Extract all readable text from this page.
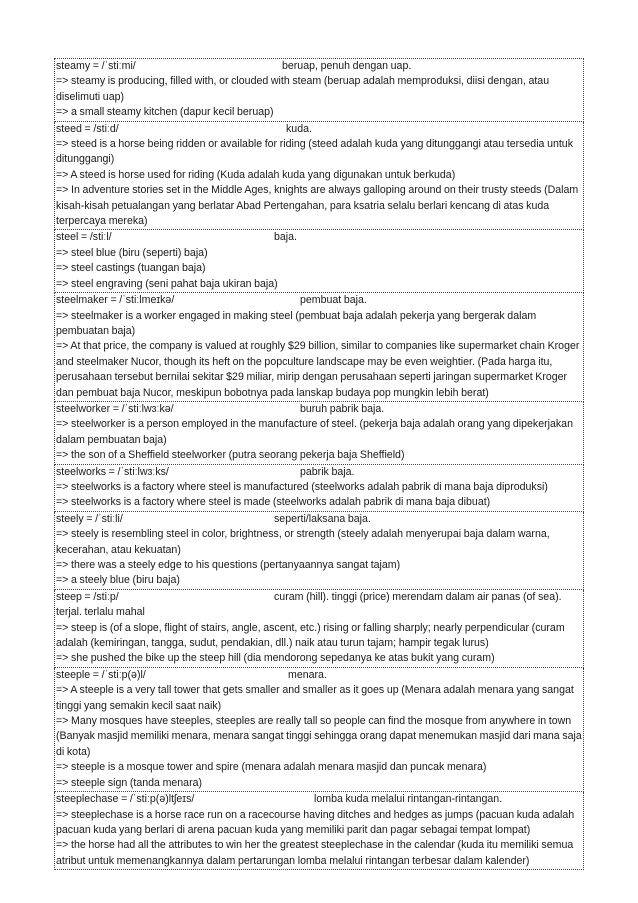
steamy = /ˈstiːmi/	beruap, penuh dengan uap.
=> steamy is producing, filled with, or clouded with steam (beruap adalah memproduksi, diisi dengan, atau diselimuti uap)
=> a small steamy kitchen (dapur kecil beruap)
steed = /stiːd/	kuda.
=> steed is a horse being ridden or available for riding (steed adalah kuda yang ditunggangi atau tersedia untuk ditunggangi)
=> A steed is horse used for riding (Kuda adalah kuda yang digunakan untuk berkuda)
=> In adventure stories set in the Middle Ages, knights are always galloping around on their trusty steeds (Dalam kisah-kisah petualangan yang berlatar Abad Pertengahan, para ksatria selalu berlari kencang di atas kuda terpercaya mereka)
steel = /stiːl/	baja.
=> steel blue (biru (seperti) baja)
=> steel castings (tuangan baja)
=> steel engraving (seni pahat baja ukiran baja)
steelmaker = /ˈstiːlmeɪkə/	pembuat baja.
=> steelmaker is a worker engaged in making steel (pembuat baja adalah pekerja yang bergerak dalam pembuatan baja)
=> At that price, the company is valued at roughly $29 billion, similar to companies like supermarket chain Kroger and steelmaker Nucor, though its heft on the popculture landscape may be even weightier. (Pada harga itu, perusahaan tersebut bernilai sekitar $29 miliar, mirip dengan perusahaan seperti jaringan supermarket Kroger dan pembuat baja Nucor, meskipun bobotnya pada lanskap budaya pop mungkin lebih berat)
steelworker = /ˈstiːlwɜːkə/	buruh pabrik baja.
=> steelworker is a person employed in the manufacture of steel. (pekerja baja adalah orang yang dipekerjakan dalam pembuatan baja)
=> the son of a Sheffield steelworker (putra seorang pekerja baja Sheffield)
steelworks = /ˈstiːlwɜːks/	pabrik baja.
=> steelworks is a factory where steel is manufactured (steelworks adalah pabrik di mana baja diproduksi)
=> steelworks is a factory where steel is made (steelworks adalah pabrik di mana baja dibuat)
steely = /ˈstiːli/	seperti/laksana baja.
=> steely is resembling steel in color, brightness, or strength (steely adalah menyerupai baja dalam warna, kecerahan, atau kekuatan)
=> there was a steely edge to his questions (pertanyaannya sangat tajam)
=> a steely blue (biru baja)
steep = /stiːp/	curam (hill). tinggi (price) merendam dalam air panas (of sea).
terjal. terlalu mahal
=> steep is (of a slope, flight of stairs, angle, ascent, etc.) rising or falling sharply; nearly perpendicular (curam adalah (kemiringan, tangga, sudut, pendakian, dll.) naik atau turun tajam; hampir tegak lurus)
=> she pushed the bike up the steep hill (dia mendorong sepedanya ke atas bukit yang curam)
steeple = /ˈstiːp(ə)l/	menara.
=> A steeple is a very tall tower that gets smaller and smaller as it goes up (Menara adalah menara yang sangat tinggi yang semakin kecil saat naik)
=> Many mosques have steeples, steeples are really tall so people can find the mosque from anywhere in town (Banyak masjid memiliki menara, menara sangat tinggi sehingga orang dapat menemukan masjid dari mana saja di kota)
=> steeple is a mosque tower and spire (menara adalah menara masjid dan puncak menara)
=> steeple sign (tanda menara)
steeplechase = /ˈstiːp(ə)ltʃeɪs/	lomba kuda melalui rintangan-rintangan.
=> steeplechase is a horse race run on a racecourse having ditches and hedges as jumps (pacuan kuda adalah pacuan kuda yang berlari di arena pacuan kuda yang memiliki parit dan pagar sebagai tempat lompat)
=> the horse had all the attributes to win her the greatest steeplechase in the calendar (kuda itu memiliki semua atribut untuk memenangkannya dalam pertarungan lomba melalui rintangan terbesar dalam kalender)
